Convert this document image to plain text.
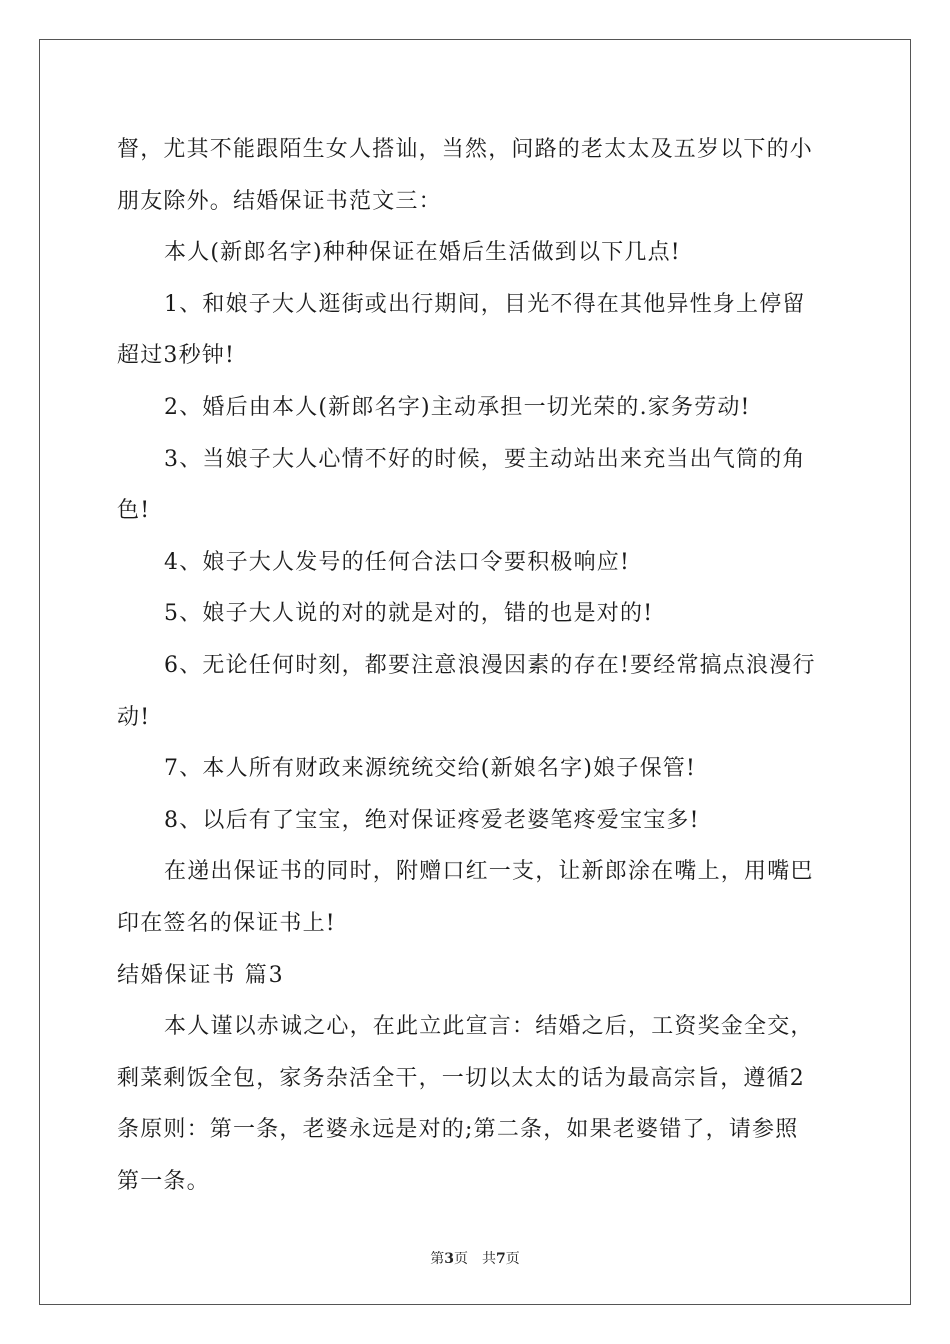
督，尤其不能跟陌生女人搭讪，当然，问路的老太太及五岁以下的小
朋友除外。结婚保证书范文三：
本人(新郎名字)种种保证在婚后生活做到以下几点!
1、和娘子大人逛街或出行期间，目光不得在其他异性身上停留
超过3秒钟!
2、婚后由本人(新郎名字)主动承担一切光荣的.家务劳动!
3、当娘子大人心情不好的时候，要主动站出来充当出气筒的角
色!
4、娘子大人发号的任何合法口令要积极响应!
5、娘子大人说的对的就是对的，错的也是对的!
6、无论任何时刻，都要注意浪漫因素的存在!要经常搞点浪漫行
动!
7、本人所有财政来源统统交给(新娘名字)娘子保管!
8、以后有了宝宝，绝对保证疼爱老婆笔疼爱宝宝多!
在递出保证书的同时，附赠口红一支，让新郎涂在嘴上，用嘴巴
印在签名的保证书上!
结婚保证书 篇3
本人谨以赤诚之心，在此立此宣言：结婚之后，工资奖金全交，
剩菜剩饭全包，家务杂活全干，一切以太太的话为最高宗旨，遵循2
条原则：第一条，老婆永远是对的;第二条，如果老婆错了，请参照
第一条。
第3页 共7页
